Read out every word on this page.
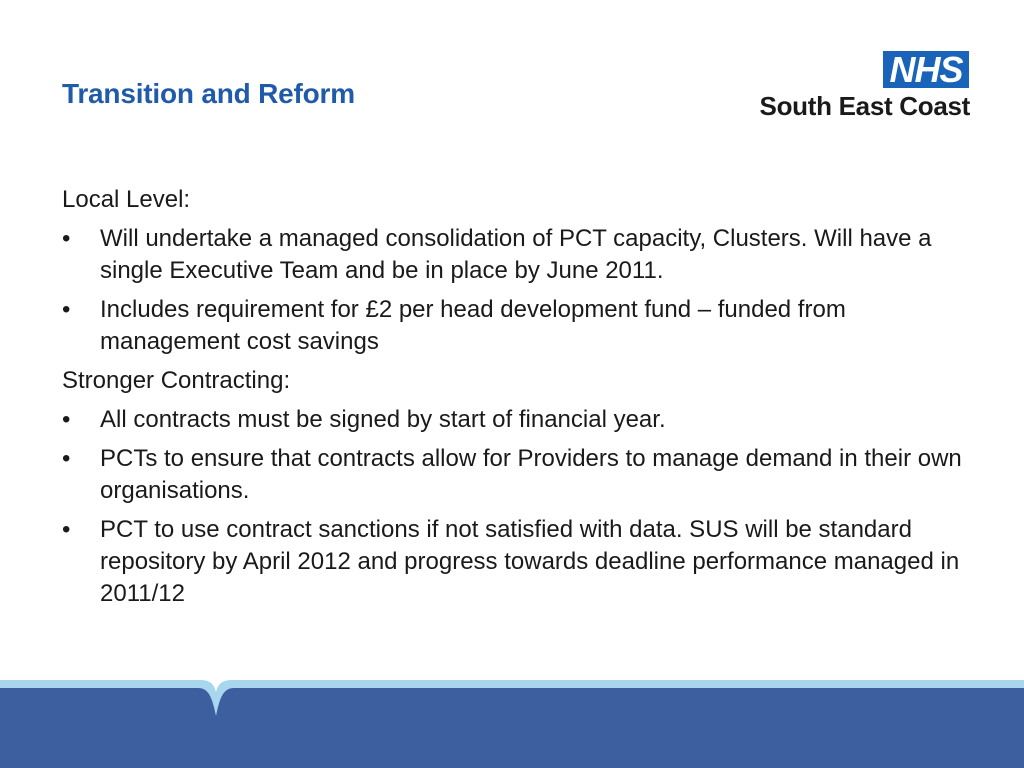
Transition and Reform
NHS
South East Coast

Local Level:

• Will undertake a managed consolidation of PCT capacity, Clusters. Will have a single Executive Team and be in place by June 2011.

• Includes requirement for £2 per head development fund – funded from management cost savings

Stronger Contracting:

• All contracts must be signed by start of financial year.

• PCTs to ensure that contracts allow for Providers to manage demand in their own organisations.

• PCT to use contract sanctions if not satisfied with data. SUS will be standard repository by April 2012 and progress towards deadline performance managed in 2011/12
